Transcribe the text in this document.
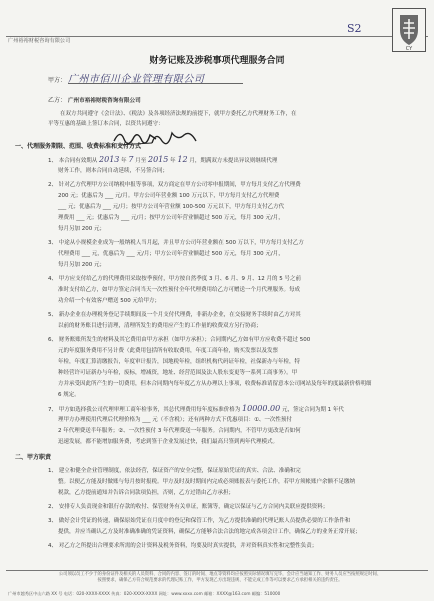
广州裕裕财税咨询有限公司
S2
CY
财务记账及涉税事项代理服务合同
甲方： 广州市佰川企业管理有限公司
乙方： 广州市裕裕财税咨询有限公司
在双方共同遵守《会计法》、《税法》及各项经济法规的前提下，就甲方委托乙方代理财务工作，在
平等互惠的基础上签订本合同，以资共同遵守：
一、代理服务期限、范围、收费标准和支付方式
1、 本合同有效期从 2013 年 7 月至 2015 年 12 月，期满双方未提出异议则继续代理
财务工作，则本合同自动延续，不另签合同；
2、 针对乙方代理甲方公司纳税申报等事项，双方商定在甲方公司零申报期间，甲方每月支付乙方代理费
200 元；优惠后为 ___ 元/月。甲方公司年营业额 100 万元以下，甲方每月支付乙方代理费
___ 元；优惠后为 ___ 元/月；按甲方公司年营业额 100-500 万元以下，甲方每月支付乙方代
理费用 ___ 元；优惠后为 ___ 元/月；按甲方公司年营业额超过 500 万元，每月 300 元/月，
每月另加 200 元；
3、 中途从小规模企业成为一般纳税人当月起，并且甲方公司年营业额在 500 万以下，甲方每月支付乙方
代理费用 ___ 元，优惠后为 ___ 元/月；甲方公司年营业额超过 500 万元，每月 300 元/月，
每月另加 200 元；
4、 甲方应支付给乙方的代理费用采取按季预付，甲方按自然季度 3 月、6 月、9 月、12 月的 5 号之前
准时支付给乙方，如甲方签定合同当天一次性预付全年代理费用给乙方可赠送一个月代理服务。每成
功介绍一个有效客户赠送 500 元给甲方；
5、 新办企业在办理税务登记手续期间及一个月支付代理费，非新办企业，在交接财务手续时由乙方对其
以前的财务账目进行清理，清理所发生的费用应产生的工作量的收费双方另行协商；
6、 财务账账所发生的材料及其它费用由甲方承担（如甲方承担）；合同期内乙方如有甲方应收费不超过 500
元的年度服务费用不另计费（此费用包括所有收取费用，年度工商年检，购买发票以及发票
年检，年度汇算清缴报告，年度审计报告，国地税年检，组织机构代码证年检，社保新办与年检，特
种经营许可证新办与年检，废标，增减资，地址、经营范围及法人股东变更等一系列工商事务）。甲
方并承受因此所产生的一切费用，但本合同期内每年度乙方从办理以上事项，收费标准请留意本公司网站及每年的度最新价格明细
6 规定。
7、 甲方如选择我公司代理审理工商年检事务，其总代理费用每年度标准价格为 10000.00 元，签定合同为期 1 年代
理甲方办理使用代理后代理价格为 ___ 元（不含税）；还有两种方式下优惠项目：①、一次性预付
2 年代理费送半年服务；②、一次性预付 3 年代理费送一年服务。合同期内，不管甲方更改是否如何
迅速发展，都不能增加服务费，考虑到签于企业发展过快，我们最高只签到两年代理模式。
二、甲方职责
1、 建立和健全企业管理制度，依法经营，保证资产的安全完整，保证原始凭证的真实、合法、准确和完
整。以便乙方能及时做账与每月按时报税。甲方及时及时期间内完成必须账报表与委托工作，若甲方须帐账户余额不足缴纳
税款，乙方提前通知并告诉合同款项负担，否则，乙方过错由乙方承担；
2、 安排专人负责现金和银行存款的收付、保管财务有关单证，账簿等，确定以保证与乙方合同内关联应提供资料；
3、 做好会计凭证的传递，确保原始凭证在月度中的登记和保管工作，为乙方提供准确的代理记账人员提供必要的工作条件和
提供，并应当确认乙方及时准确准确的凭证资料，确保乙方能够合法合法的地完成各项会计工作，确保乙方的业务正常开展；
4、 对乙方之所提出合理要求所需的会计资料及税务资料，均要及时真实提供，并对资料真实性和完整性负责；
公司须以员工不少于的身份证件及相关的人员资料、合同的内容、签订的时间、地点等资料均应按照实际情况填写完毕，会计应当通知工作、财务人员应当按照规定时间、
按照要求，确保乙方符合规范要求的代理记账工作，甲方发现乙方出现违规、不能完成工作等可以要求乙方承担相关的违约责任。
广州市越秀区中山六路 XX 号 电话：020-XXXX-XXXX 传真：020-XXXX-XXXX 网址：www.xxxx.com 邮箱：XXXX@163.com 邮编：510000
